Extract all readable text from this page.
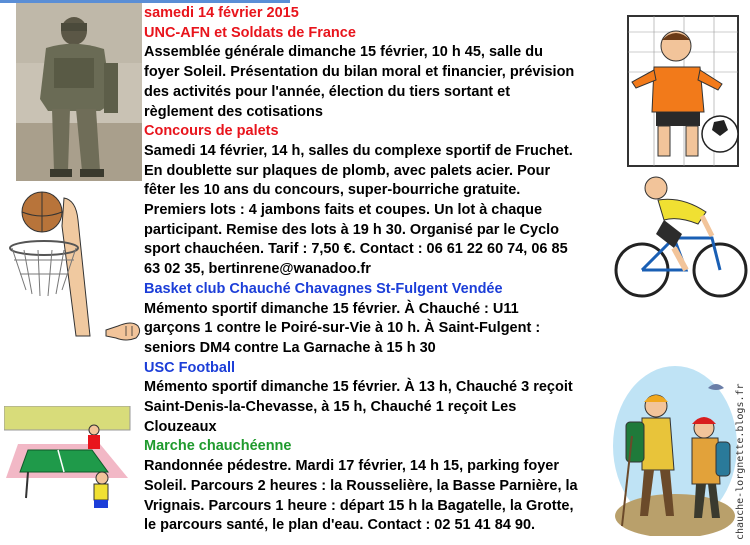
chauche-lorgnette.blogs.fr
samedi 14 février 2015
UNC-AFN et Soldats de France
Assemblée générale dimanche 15 février, 10 h 45, salle du
foyer Soleil. Présentation du bilan moral et financier, prévision
des activités pour l'année, élection du tiers sortant et
règlement des cotisations
Concours de palets
Samedi 14 février, 14 h, salles du complexe sportif de Fruchet.
En doublette sur plaques de plomb, avec palets acier. Pour
fêter les 10 ans du concours, super-bourriche gratuite.
Premiers lots : 4 jambons faits et coupes. Un lot à chaque
participant. Remise des lots à 19 h 30. Organisé par le Cyclo
sport chauchéen. Tarif : 7,50 €. Contact : 06 61 22 60 74, 06 85
63 02 35, bertinrene@wanadoo.fr
Basket club Chauché Chavagnes St-Fulgent Vendée
Mémento sportif dimanche 15 février. À Chauché : U11
garçons 1 contre le Poiré-sur-Vie à 10 h. À Saint-Fulgent :
seniors DM4 contre La Garnache à 15 h 30
USC Football
Mémento sportif dimanche 15 février. À 13 h, Chauché 3 reçoit
Saint-Denis-la-Chevasse, à 15 h, Chauché 1 reçoit Les
Clouzeaux
Marche chauchéenne
Randonnée pédestre. Mardi 17 février, 14 h 15, parking foyer
Soleil. Parcours 2 heures : la Rousselière, la Basse Parnière, la
Vrignais. Parcours 1 heure : départ 15 h la Bagatelle, la Grotte,
le parcours santé, le plan d'eau. Contact : 02 51 41 84 90.
